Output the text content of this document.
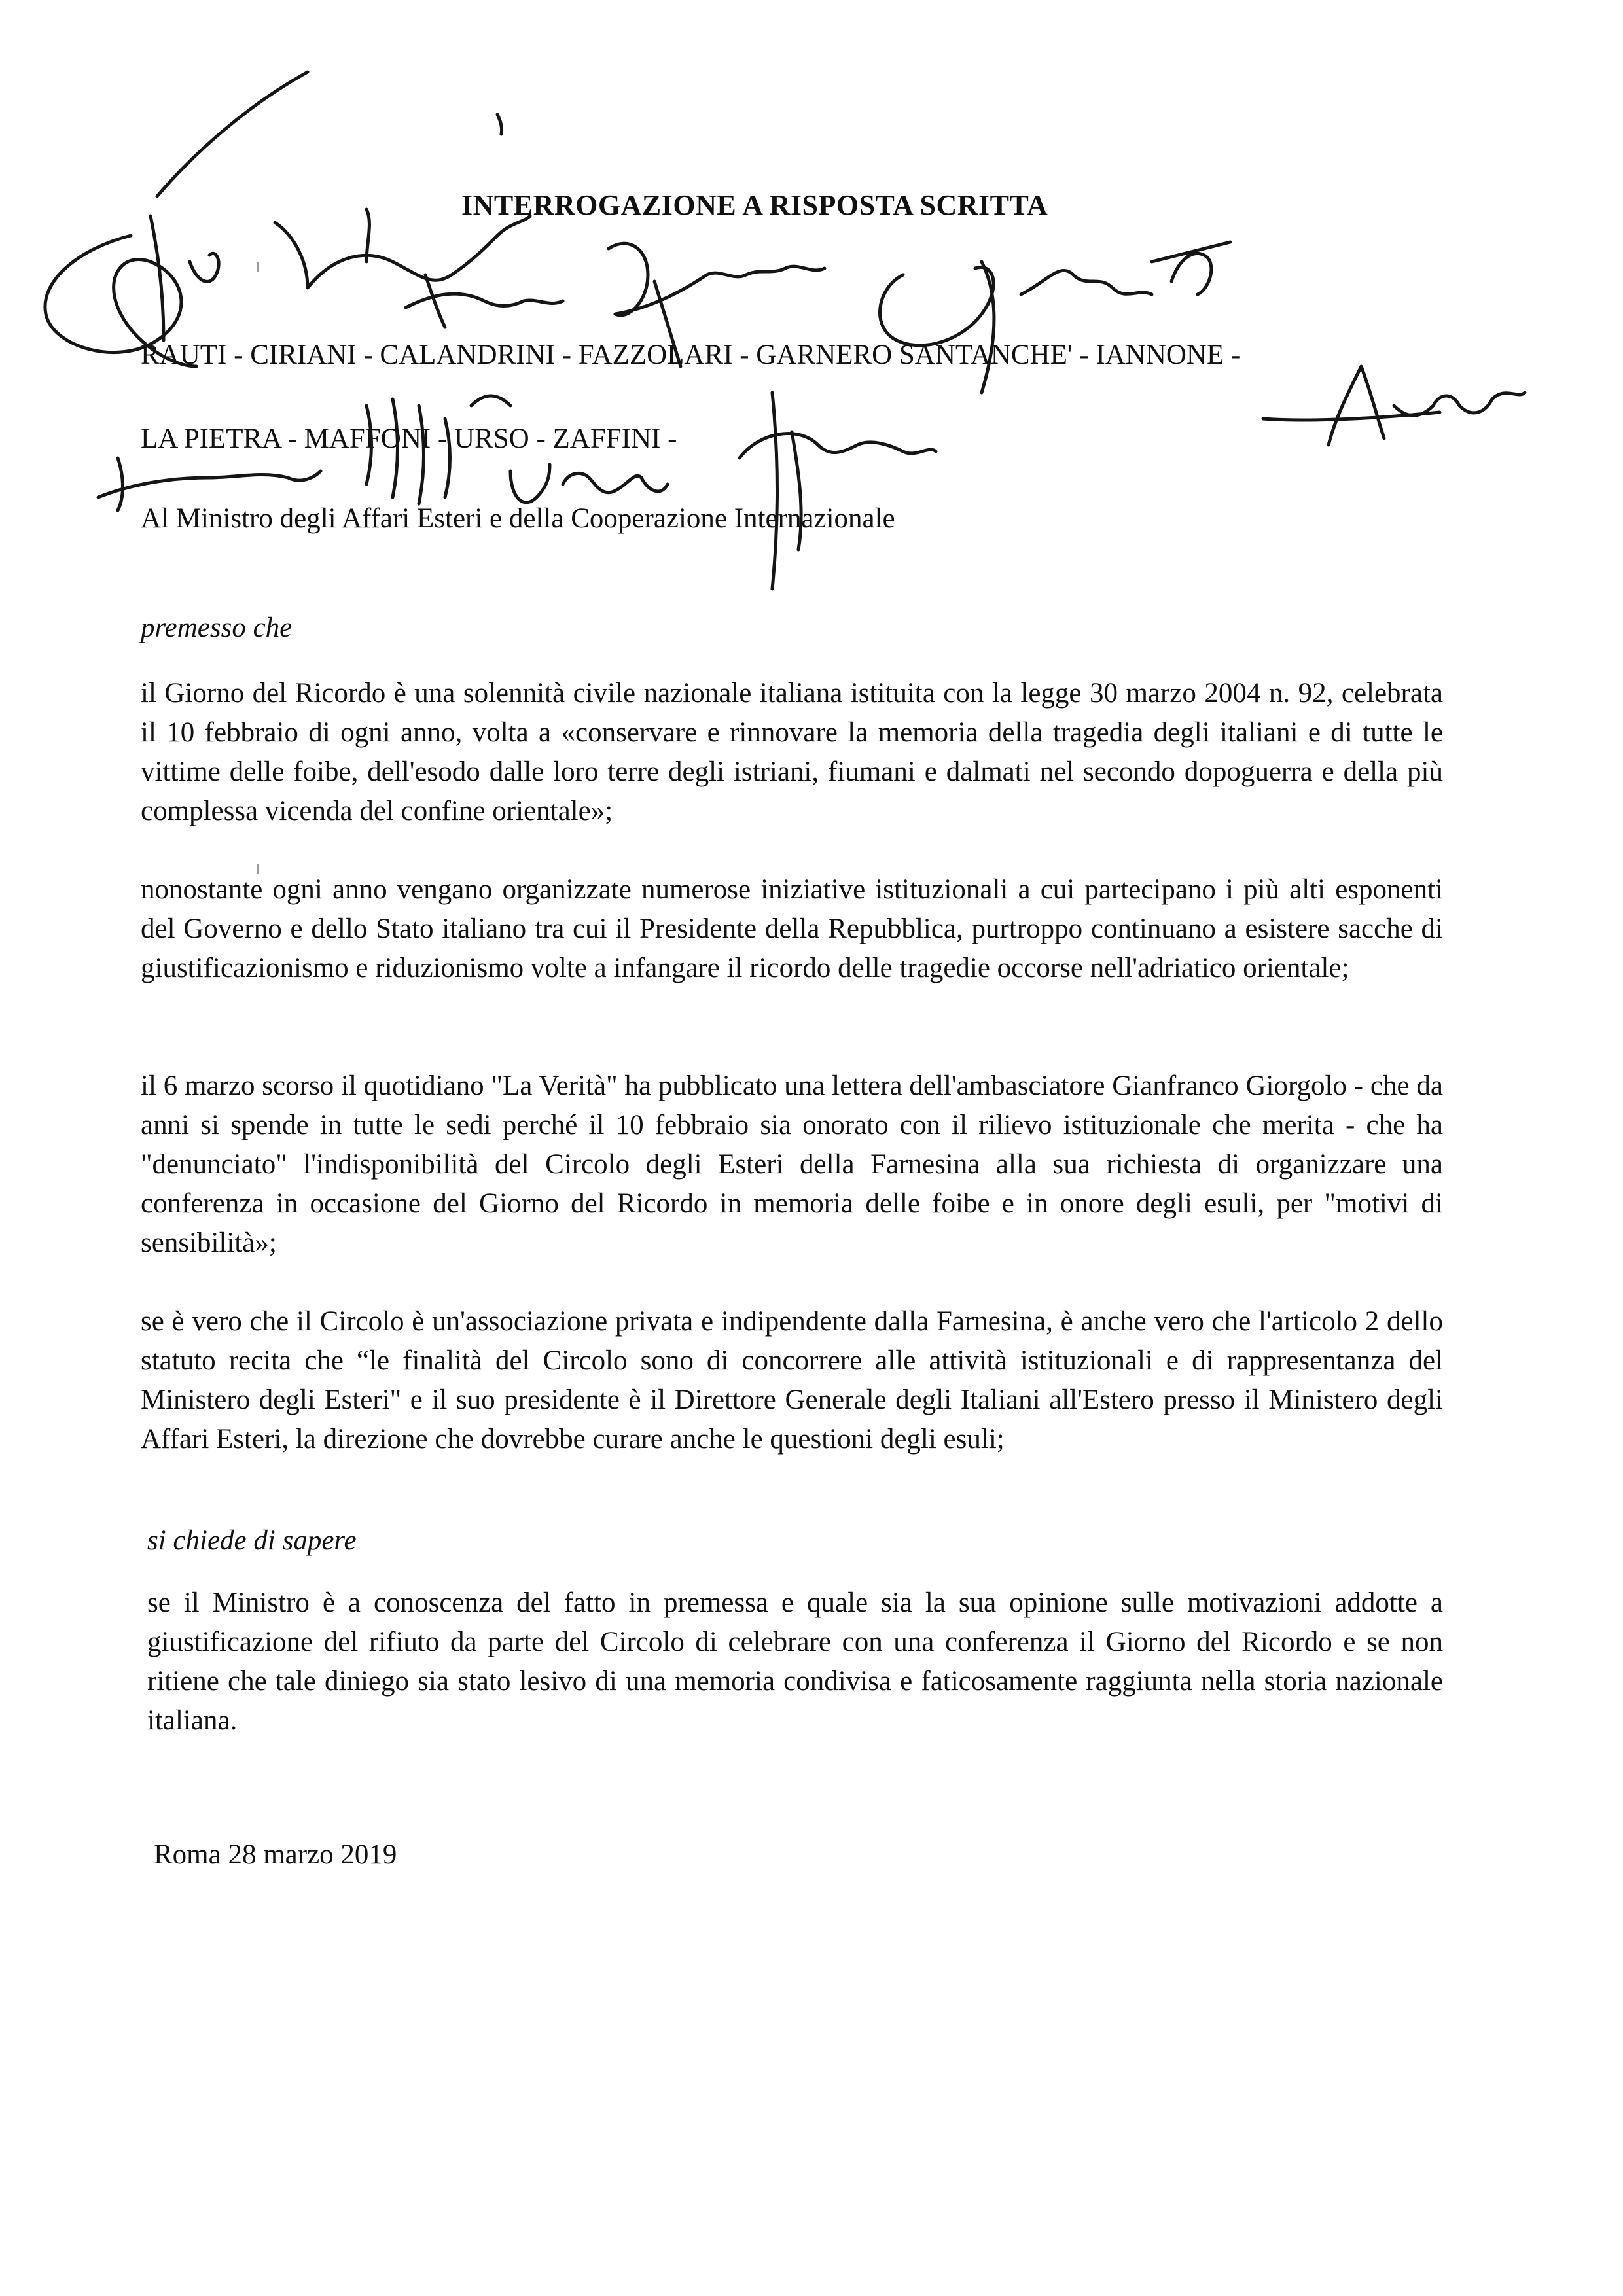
INTERROGAZIONE A RISPOSTA SCRITTA
RAUTI - CIRIANI - CALANDRINI - FAZZOLARI - GARNERO SANTANCHE' - IANNONE -
LA PIETRA - MAFFONI - URSO - ZAFFINI -
Al Ministro degli Affari Esteri e della Cooperazione Internazionale
premesso che
il Giorno del Ricordo è una solennità civile nazionale italiana istituita con la legge 30 marzo 2004 n. 92, celebrata il 10 febbraio di ogni anno, volta a «conservare e rinnovare la memoria della tragedia degli italiani e di tutte le vittime delle foibe, dell'esodo dalle loro terre degli istriani, fiumani e dalmati nel secondo dopoguerra e della più complessa vicenda del confine orientale»;
nonostante ogni anno vengano organizzate numerose iniziative istituzionali a cui partecipano i più alti esponenti del Governo e dello Stato italiano tra cui il Presidente della Repubblica, purtroppo continuano a esistere sacche di giustificazionismo e riduzionismo volte a infangare il ricordo delle tragedie occorse nell'adriatico orientale;
il 6 marzo scorso il quotidiano "La Verità" ha pubblicato una lettera dell'ambasciatore Gianfranco Giorgolo - che da anni si spende in tutte le sedi perché il 10 febbraio sia onorato con il rilievo istituzionale che merita - che ha "denunciato" l'indisponibilità del Circolo degli Esteri della Farnesina alla sua richiesta di organizzare una conferenza in occasione del Giorno del Ricordo in memoria delle foibe e in onore degli esuli, per "motivi di sensibilità»;
se è vero che il Circolo è un'associazione privata e indipendente dalla Farnesina, è anche vero che l'articolo 2 dello statuto recita che “le finalità del Circolo sono di concorrere alle attività istituzionali e di rappresentanza del Ministero degli Esteri" e il suo presidente è il Direttore Generale degli Italiani all'Estero presso il Ministero degli Affari Esteri, la direzione che dovrebbe curare anche le questioni degli esuli;
si chiede di sapere
se il Ministro è a conoscenza del fatto in premessa e quale sia la sua opinione sulle motivazioni addotte a giustificazione del rifiuto da parte del Circolo di celebrare con una conferenza il Giorno del Ricordo e se non ritiene che tale diniego sia stato lesivo di una memoria condivisa e faticosamente raggiunta nella storia nazionale italiana.
Roma 28 marzo 2019
